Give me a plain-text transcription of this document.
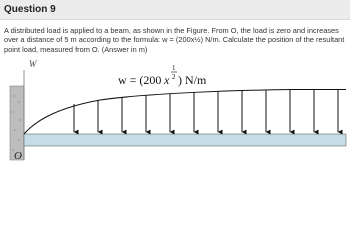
Question 9
A distributed load is applied to a beam, as shown in the Figure. From O, the load is zero and increases over a distance of 5 m according to the formula: w = (200x½) N/m. Calculate the position of the resultant point load, measured from O. (Answer in m)
W
O
w = (200 x
1
2 ) N/m
